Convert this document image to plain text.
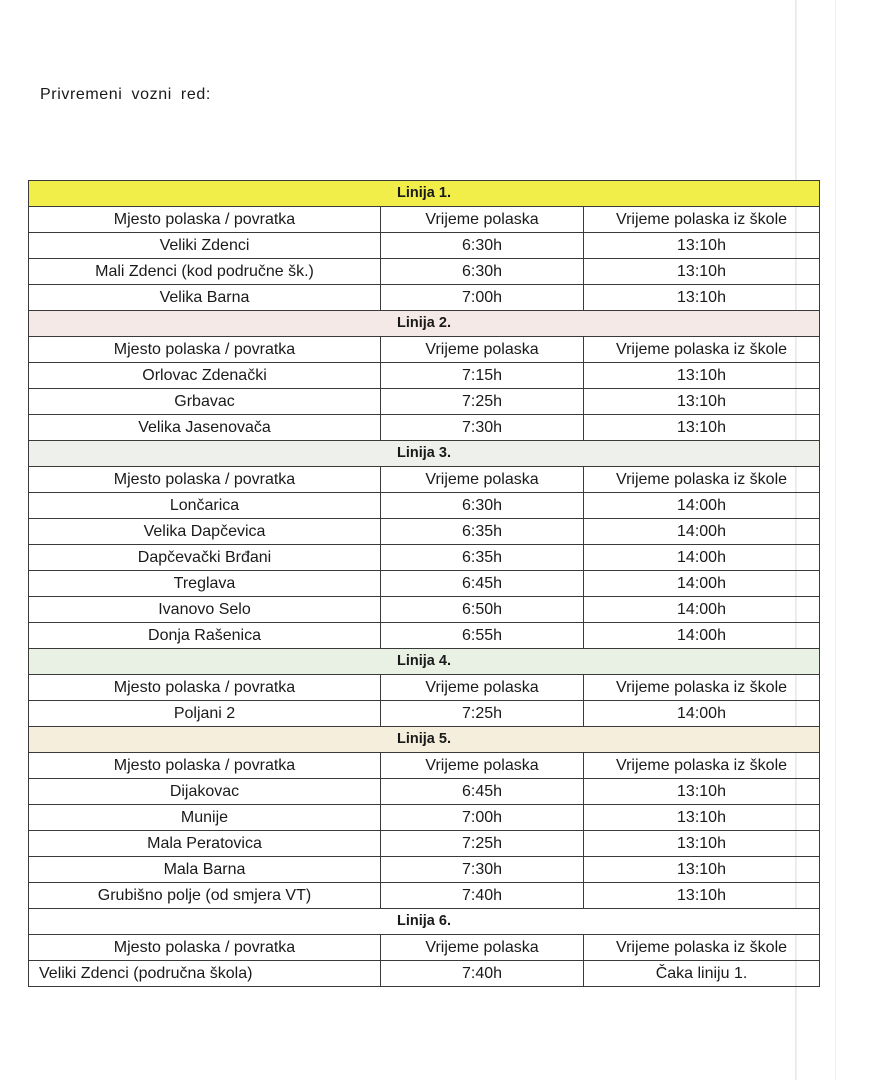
Privremeni vozni red:
Linija 1.		
Mjesto polaska / povratka	Vrijeme polaska	Vrijeme polaska iz škole
Veliki Zdenci	6:30h	13:10h
Mali Zdenci (kod područne šk.)	6:30h	13:10h
Velika Barna	7:00h	13:10h
Linija 2.		
Mjesto polaska / povratka	Vrijeme polaska	Vrijeme polaska iz škole
Orlovac Zdenački	7:15h	13:10h
Grbavac	7:25h	13:10h
Velika Jasenovača	7:30h	13:10h
Linija 3.		
Mjesto polaska / povratka	Vrijeme polaska	Vrijeme polaska iz škole
Lončarica	6:30h	14:00h
Velika Dapčevica	6:35h	14:00h
Dapčevački Brđani	6:35h	14:00h
Treglava	6:45h	14:00h
Ivanovo Selo	6:50h	14:00h
Donja Rašenica	6:55h	14:00h
Linija 4.		
Mjesto polaska / povratka	Vrijeme polaska	Vrijeme polaska iz škole
Poljani 2	7:25h	14:00h
Linija 5.		
Mjesto polaska / povratka	Vrijeme polaska	Vrijeme polaska iz škole
Dijakovac	6:45h	13:10h
Munije	7:00h	13:10h
Mala Peratovica	7:25h	13:10h
Mala Barna	7:30h	13:10h
Grubišno polje (od smjera VT)	7:40h	13:10h
Linija 6.		
Mjesto polaska / povratka	Vrijeme polaska	Vrijeme polaska iz škole
Veliki Zdenci (područna škola)	7:40h	Čaka liniju 1.
